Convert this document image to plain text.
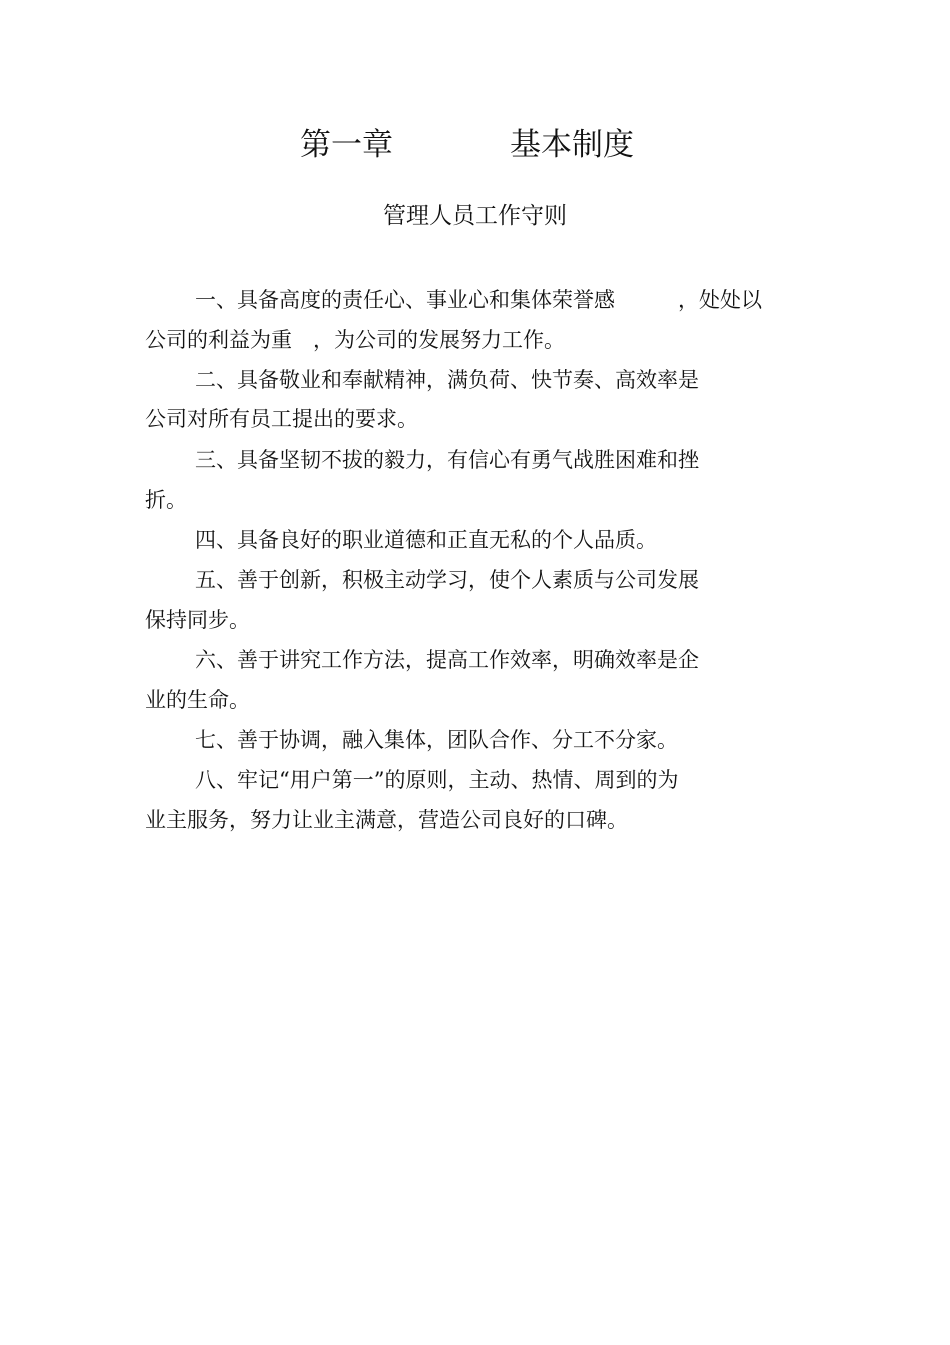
第一章	基本制度
管理人员工作守则
一、具备高度的责任心、事业心和集体荣誉感　　　，处处以
公司的利益为重　，为公司的发展努力工作。
二、具备敬业和奉献精神，满负荷、快节奏、高效率是
公司对所有员工提出的要求。
三、具备坚韧不拔的毅力，有信心有勇气战胜困难和挫
折。
四、具备良好的职业道德和正直无私的个人品质。
五、善于创新，积极主动学习，使个人素质与公司发展
保持同步。
六、善于讲究工作方法，提高工作效率，明确效率是企
业的生命。
七、善于协调，融入集体，团队合作、分工不分家。
八、牢记“用户第一”的原则，主动、热情、周到的为
业主服务，努力让业主满意，营造公司良好的口碑。
